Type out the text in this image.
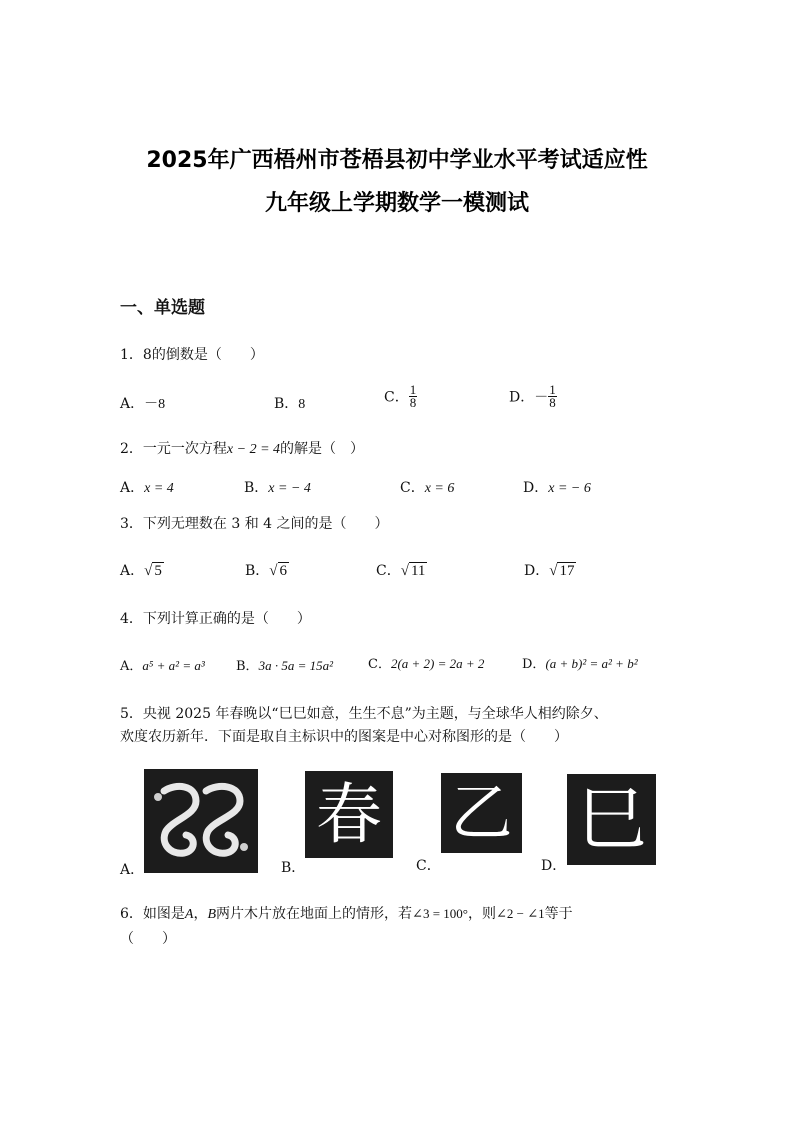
2025年广西梧州市苍梧县初中学业水平考试适应性
九年级上学期数学一模测试
一、单选题
1．8的倒数是（　　）
A．－8	B．8	C． $\frac{1}{8}$	D．－ $\frac{1}{8}$
2．一元一次方程x − 2 = 4的解是（　）
A．x = 4	B．x = − 4	C．x = 6	D．x = − 6
3．下列无理数在 3 和 4 之间的是（　　）
A．√ 5	B．√ 6	C．√ 11	D．√ 17
4．下列计算正确的是（　　）
A．a⁵ + a² = a³ B．3a · 5a = 15a²	C．2(a + 2) = 2a + 2	D．(a + b)² = a² + b²
5．央视 2025 年春晚以“巳巳如意，生生不息”为主题，与全球华人相约除夕、
欢度农历新年．下面是取自主标识中的图案是中心对称图形的是（　　）
A．	B．
春
C．
乙
D．
巳
6．如图是A，B两片木片放在地面上的情形，若∠3 = 100°，则∠2 − ∠1等于
（　　）
